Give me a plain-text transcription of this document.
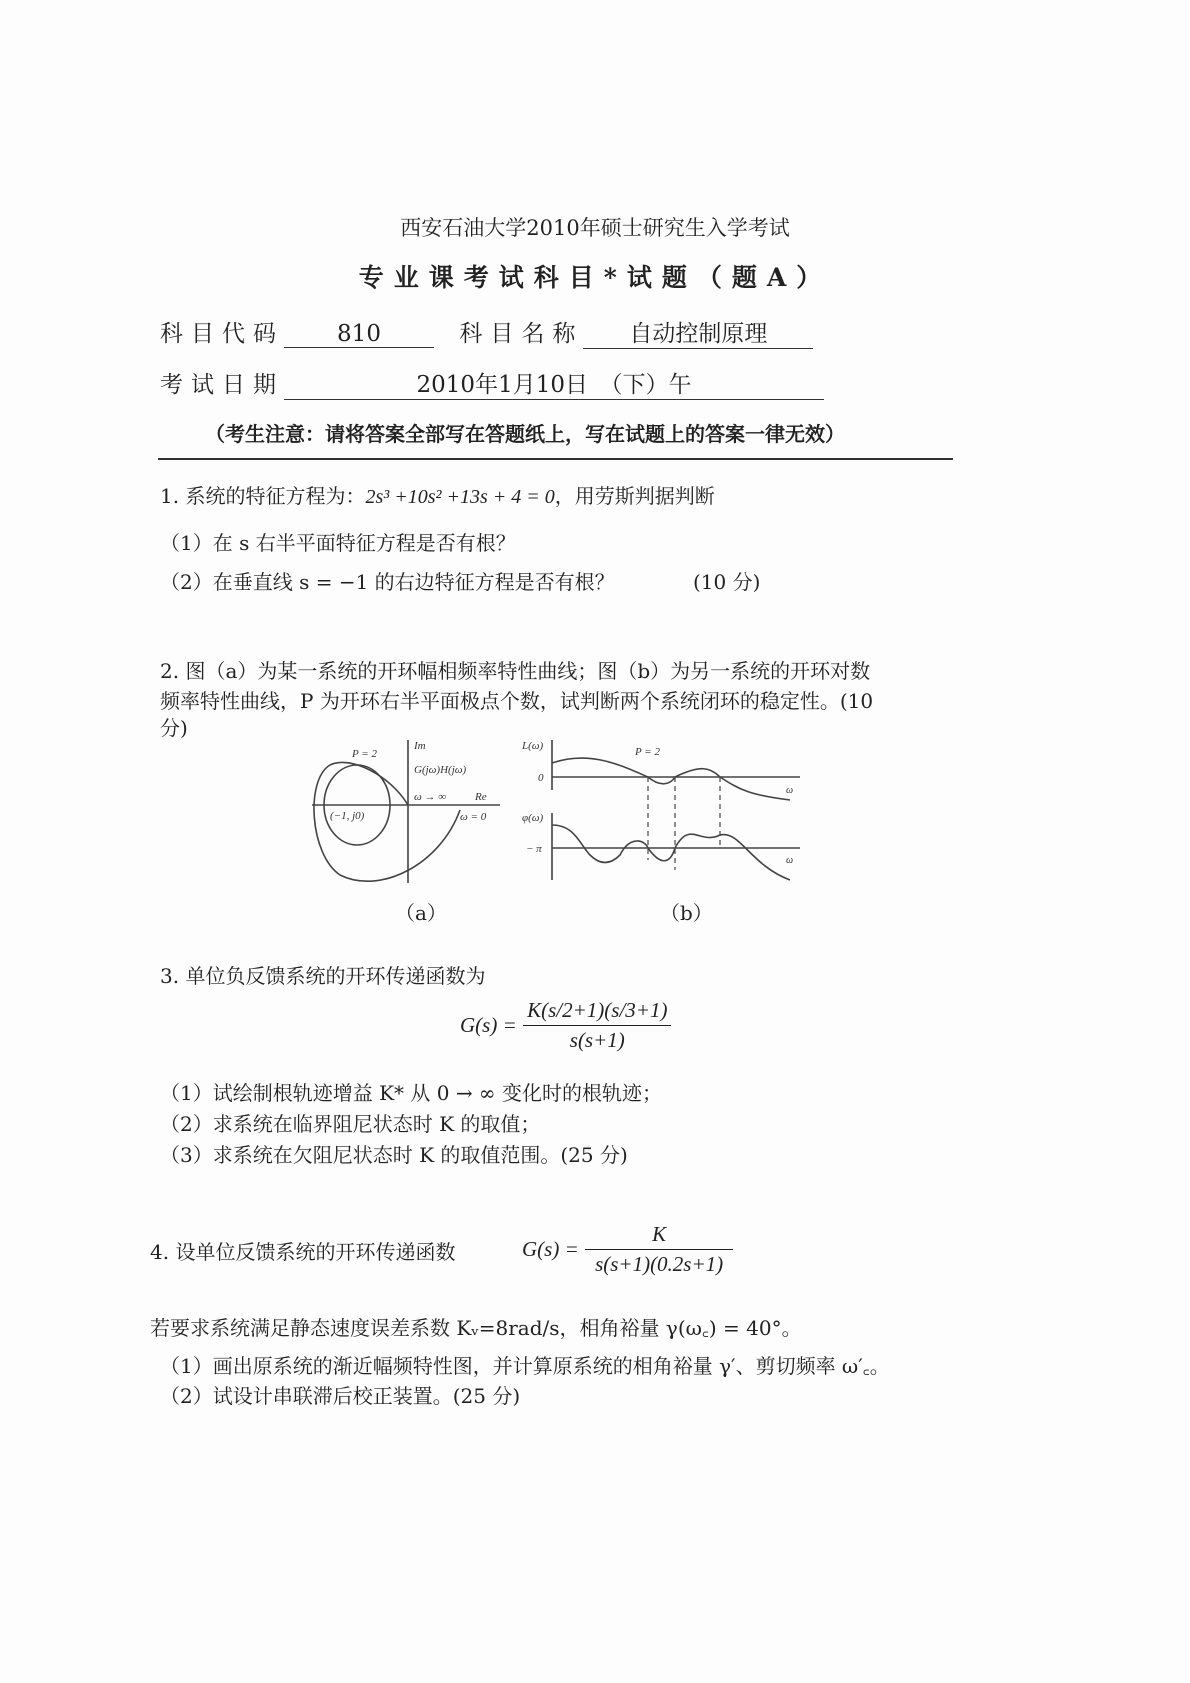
西安石油大学2010年硕士研究生入学考试
专业课考试科目*试题（题A）
科目代码 810	科目名称 自动控制原理
考试日期	2010年1月10日　（下）午
（考生注意：请将答案全部写在答题纸上，写在试题上的答案一律无效）
1. 系统的特征方程为：2s³ +10s² +13s + 4 = 0，用劳斯判据判断
（1）在 s 右半平面特征方程是否有根？
（2）在垂直线 s = −1 的右边特征方程是否有根？	(10 分)
2. 图（a）为某一系统的开环幅相频率特性曲线；图（b）为另一系统的开环对数
频率特性曲线，P 为开环右半平面极点个数，试判断两个系统闭环的稳定性。(10
分)
P = 2
Im
G(jω)H(jω)
ω → ∞	Re
(−1, j0)	ω = 0
L(ω)	P = 2
0
ω
φ(ω)
− π
ω
（a）	（b）
3. 单位负反馈系统的开环传递函数为
$G(s) = \frac{K(s/2+1)(s/3+1)}{s(s+1)}$
（1）试绘制根轨迹增益 K* 从 0 → ∞ 变化时的根轨迹；
（2）求系统在临界阻尼状态时 K 的取值；
（3）求系统在欠阻尼状态时 K 的取值范围。(25 分)
4. 设单位反馈系统的开环传递函数	$G(s) = \frac{K}{s(s+1)(0.2s+1)}$
若要求系统满足静态速度误差系数 Kᵥ=8rad/s，相角裕量 γ(ω꜀) = 40°。
（1）画出原系统的渐近幅频特性图，并计算原系统的相角裕量 γ′、剪切频率 ω′꜀。
（2）试设计串联滞后校正装置。(25 分)
